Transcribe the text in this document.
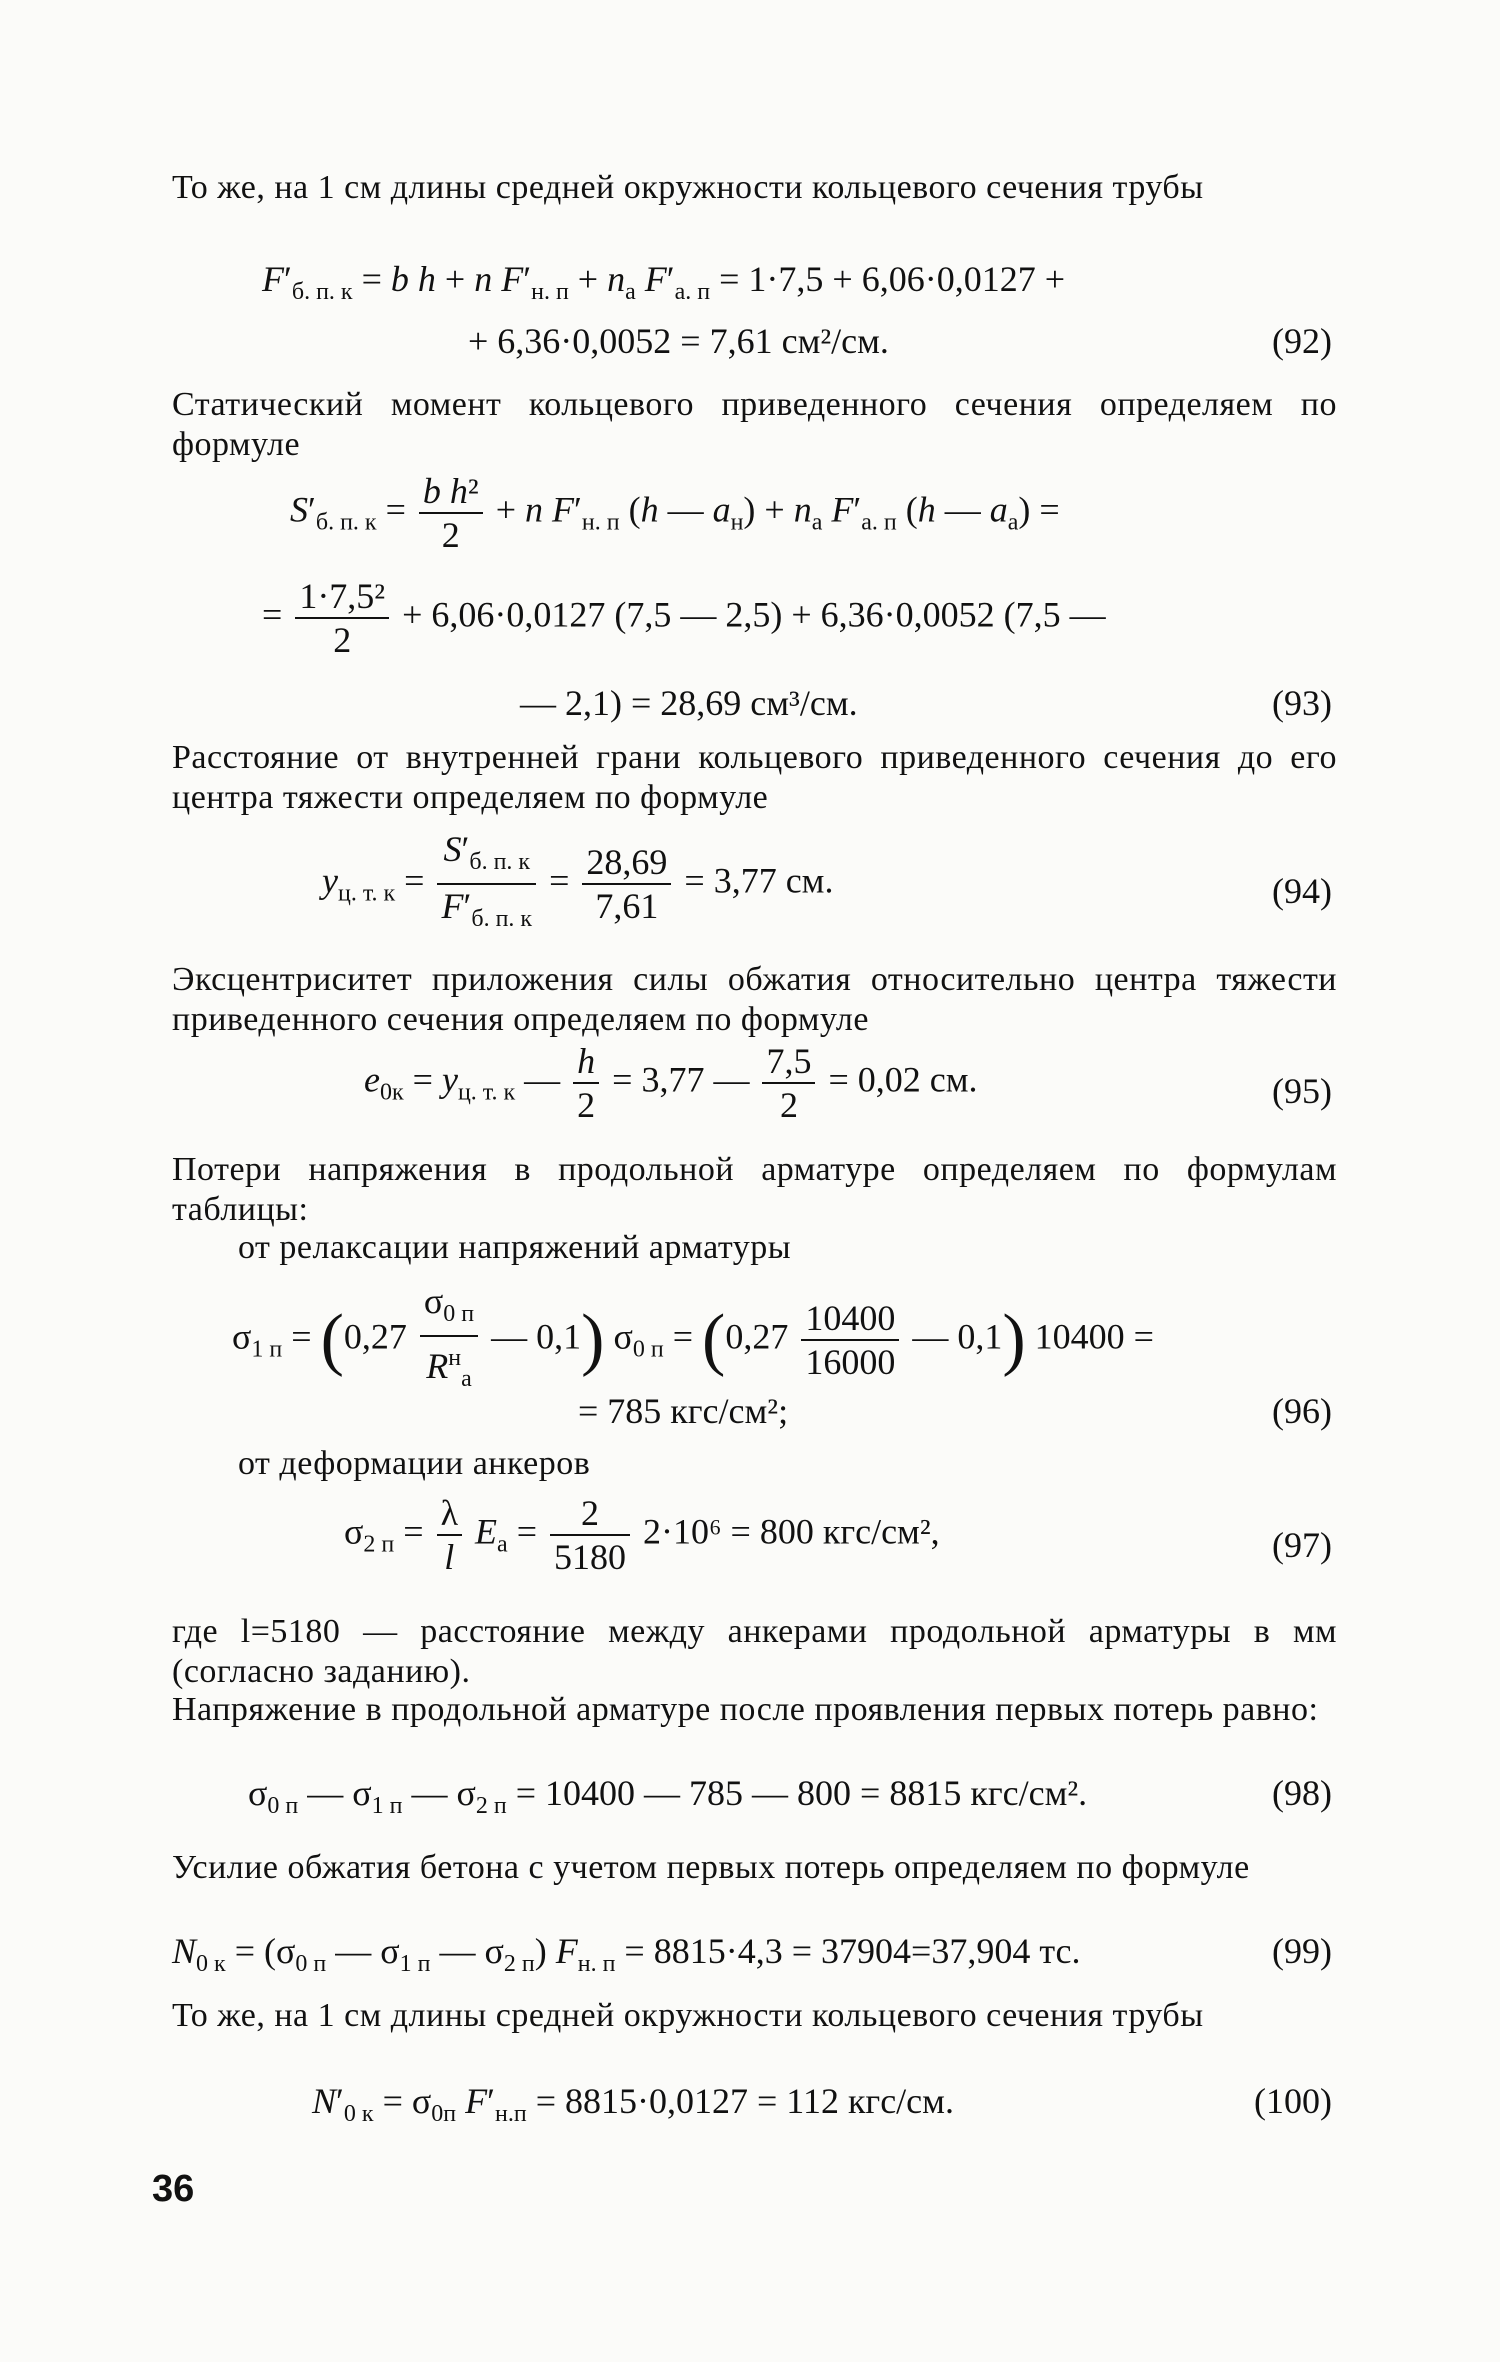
То же, на 1 см длины средней окружности кольцевого сечения трубы
$F'_{б. п. к} = b$ h + n $F'_{н. п} + n_а$ $F'_{а. п} = 1\cdot 7,5 + 6,06\cdot 0,0127$ +
+ 6,36·0,0052 = 7,61 см²/см.	(92)
Статический момент кольцевого приведенного сечения определяем по формуле
$S'_{б. п. к} = \frac{\text{b h²}}{2} + n$ $F'_{н. п}$ (h — $a_н) + n_а$ $F'_{а. п}$ (h — $a_а$) =
= $\frac{\text{1·7,5²}}{2} + 6,06\cdot 0,0127$ (7,5 — 2,5) + 6,36·0,0052 (7,5 —
— 2,1) = 28,69 см³/см.	(93)
Расстояние от внутренней грани кольцевого приведенного сечения до его центра тяжести определяем по формуле
$y_{ц. т. к} = \frac{S'_{б. п. к}}{F'_{б. п. к}} = \frac{28,69}{7,61} = 3,77$ см.	(94)
Эксцентриситет приложения силы обжатия относительно центра тяжести приведенного сечения определяем по формуле
$e_{0к} = y_{ц. т. к}$ — $\frac{h}{2} = 3,77$ — $\frac{7,5}{2} = 0,02$ см.	(95)
Потери напряжения в продольной арматуре определяем по формулам таблицы:
от релаксации напряжений арматуры
$\sigma_{1 п} = (0,27 \frac{\sigma_{0 п}}{R^н_а}$ — 0,1) $\sigma_{0 п} = (0,27 \frac{10400}{16000}$ — 0,1) 10400 =
= 785 кгс/см²;	(96)
от деформации анкеров
$\sigma_{2 п} = \frac{\lambda}{l} E_а = \frac{2}{5180} 2\cdot 10^6 = 800$ кгс/см²,	(97)
где l=5180 — расстояние между анкерами продольной арматуры в мм (согласно заданию).
Напряжение в продольной арматуре после проявления первых потерь равно:
$\sigma_{0 п}$ — $\sigma_{1 п}$ — $\sigma_{2 п} = 10400$ — 785 — 800 = 8815 кгс/см².	(98)
Усилие обжатия бетона с учетом первых потерь определяем по формуле
$N_{0 к} = (\sigma_{0 п}$ — $\sigma_{1 п}$ — $\sigma_{2 п}$) $F_{н. п} = 8815\cdot 4,3 = 37904=37,904$ тс.	(99)
То же, на 1 см длины средней окружности кольцевого сечения трубы
$N'_{0 к} = \sigma_{0п}$ $F'_{н.п} = 8815\cdot 0,0127 = 112$ кгс/см.	(100)
36
